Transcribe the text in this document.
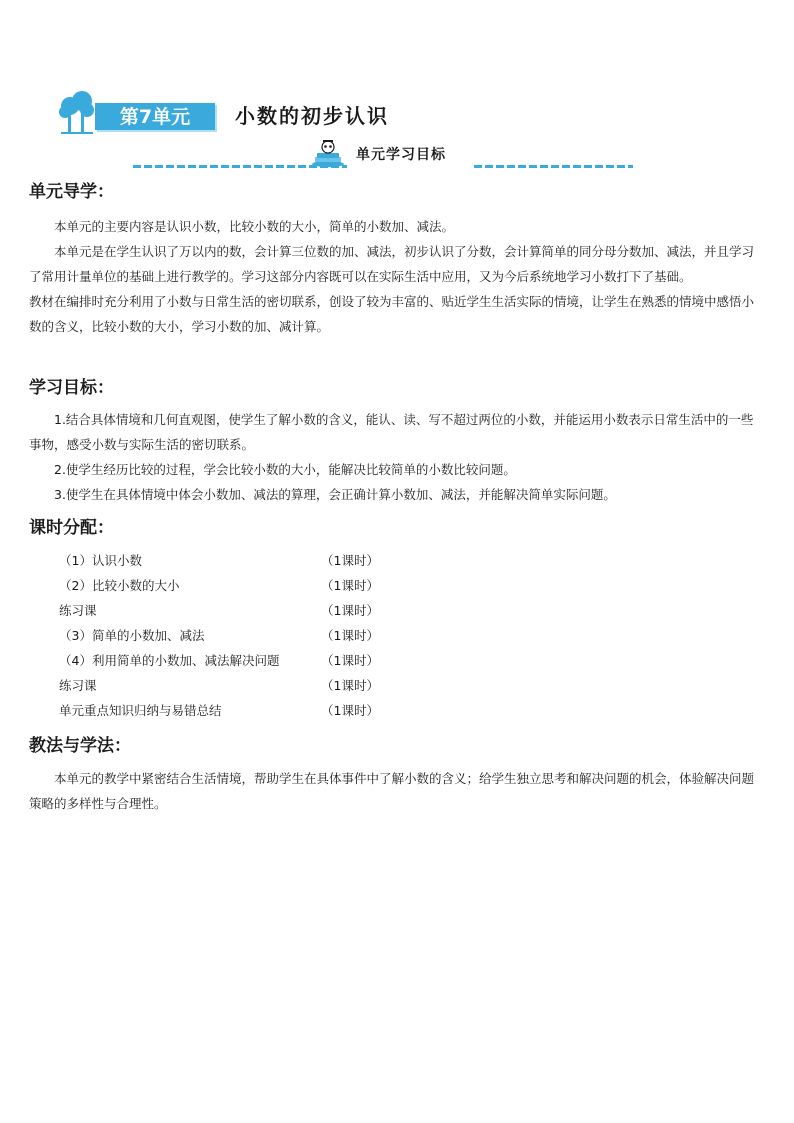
第7单元	小数的初步认识
单元学习目标
单元导学：

本单元的主要内容是认识小数，比较小数的大小，简单的小数加、减法。

本单元是在学生认识了万以内的数，会计算三位数的加、减法，初步认识了分数，会计算简单的同分母分数加、减法，并且学习了常用计量单位的基础上进行教学的。学习这部分内容既可以在实际生活中应用，又为今后系统地学习小数打下了基础。

教材在编排时充分利用了小数与日常生活的密切联系，创设了较为丰富的、贴近学生生活实际的情境，让学生在熟悉的情境中感悟小数的含义，比较小数的大小，学习小数的加、减计算。

学习目标：

1.结合具体情境和几何直观图，使学生了解小数的含义，能认、读、写不超过两位的小数，并能运用小数表示日常生活中的一些事物，感受小数与实际生活的密切联系。

2.使学生经历比较的过程，学会比较小数的大小，能解决比较简单的小数比较问题。

3.使学生在具体情境中体会小数加、减法的算理，会正确计算小数加、减法，并能解决简单实际问题。

课时分配：
（1）认识小数	（1课时）
（2）比较小数的大小	（1课时）
练习课	（1课时）
（3）简单的小数加、减法	（1课时）
（4）利用简单的小数加、减法解决问题	（1课时）
练习课	（1课时）
单元重点知识归纳与易错总结	（1课时）
教法与学法：

本单元的教学中紧密结合生活情境，帮助学生在具体事件中了解小数的含义；给学生独立思考和解决问题的机会，体验解决问题策略的多样性与合理性。
